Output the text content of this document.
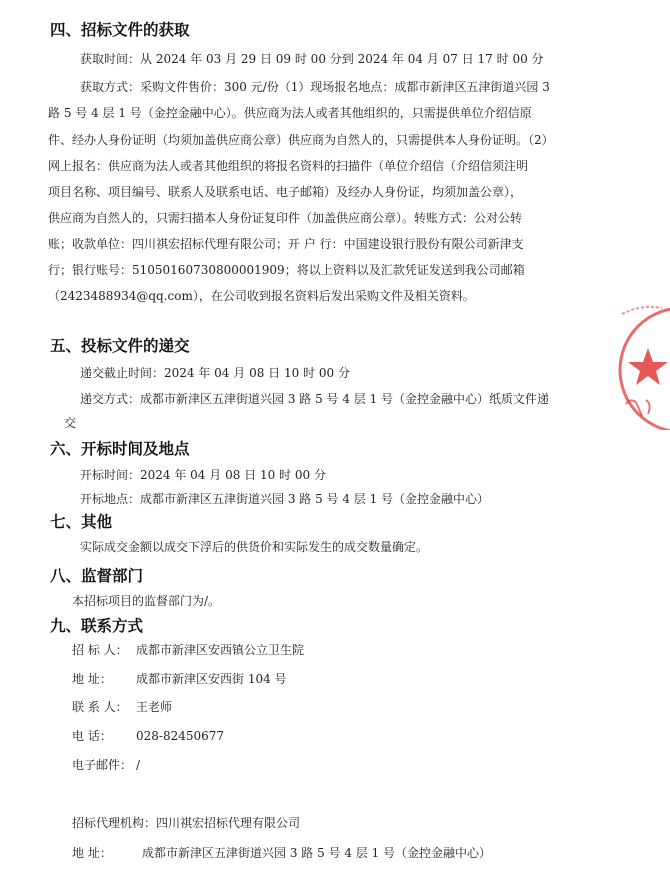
四、招标文件的获取
获取时间：从 2024 年 03 月 29 日 09 时 00 分到 2024 年 04 月 07 日 17 时 00 分
获取方式：采购文件售价：300 元/份（1）现场报名地点：成都市新津区五津街道兴园 3
路 5 号 4 层 1 号（金控金融中心）。供应商为法人或者其他组织的，只需提供单位介绍信原
件、经办人身份证明（均须加盖供应商公章）供应商为自然人的，只需提供本人身份证明。（2）
网上报名：供应商为法人或者其他组织的将报名资料的扫描件（单位介绍信（介绍信须注明
项目名称、项目编号、联系人及联系电话、电子邮箱）及经办人身份证，均须加盖公章），
供应商为自然人的，只需扫描本人身份证复印件（加盖供应商公章）。转账方式：公对公转
账；收款单位：四川祺宏招标代理有限公司；开 户 行：中国建设银行股份有限公司新津支
行；银行账号：51050160730800001909；将以上资料以及汇款凭证发送到我公司邮箱
（2423488934@qq.com），在公司收到报名资料后发出采购文件及相关资料。
五、投标文件的递交
递交截止时间：2024 年 04 月 08 日 10 时 00 分
递交方式：成都市新津区五津街道兴园 3 路 5 号 4 层 1 号（金控金融中心）纸质文件递
交
六、开标时间及地点
开标时间：2024 年 04 月 08 日 10 时 00 分
开标地点：成都市新津区五津街道兴园 3 路 5 号 4 层 1 号（金控金融中心）
七、其他
实际成交金额以成交下浮后的供货价和实际发生的成交数量确定。
八、监督部门
本招标项目的监督部门为/。
九、联系方式
招 标 人： 成都市新津区安西镇公立卫生院
地 址： 成都市新津区安西街 104 号
联 系 人： 王老师
电 话： 028-82450677
电子邮件： /
招标代理机构：四川祺宏招标代理有限公司
地 址：	成都市新津区五津街道兴园 3 路 5 号 4 层 1 号（金控金融中心）
